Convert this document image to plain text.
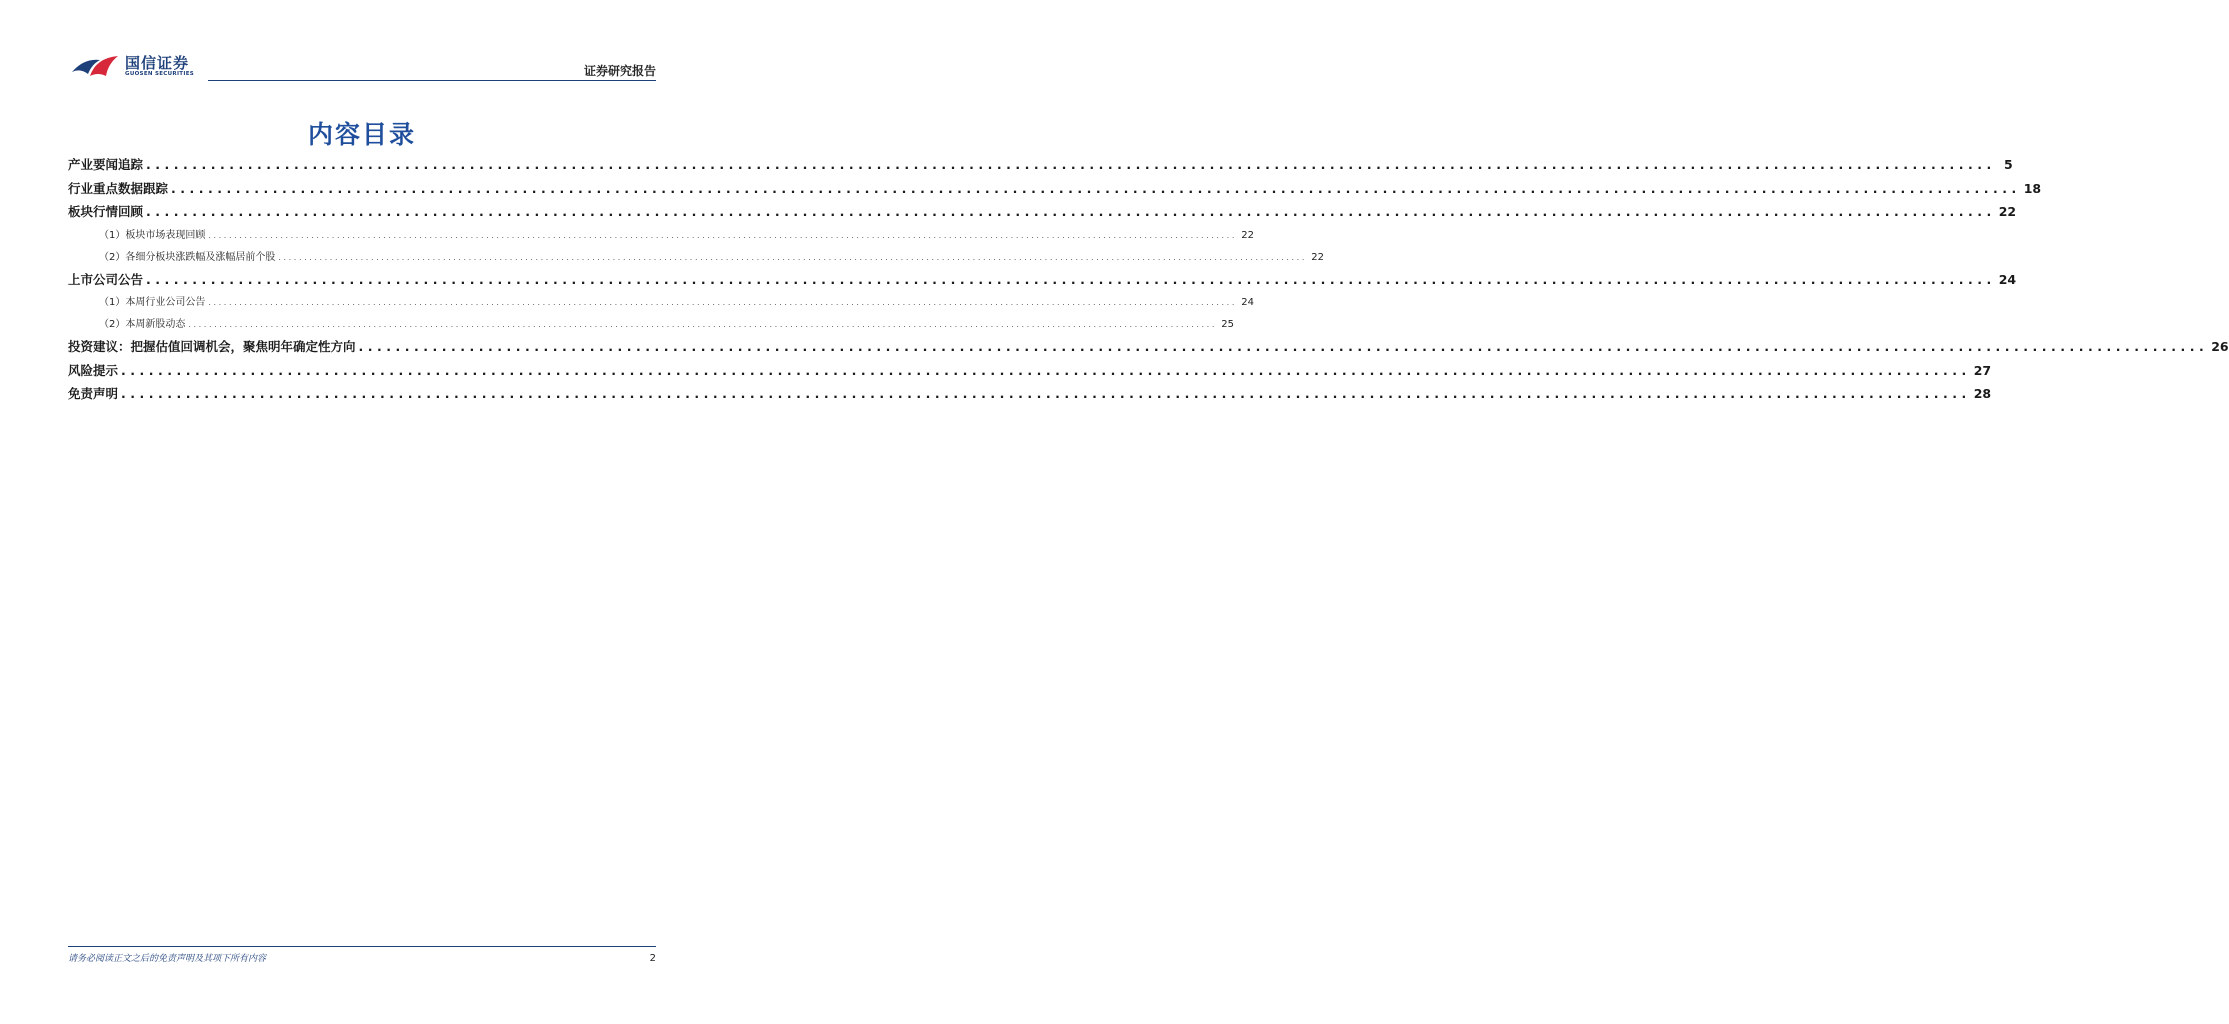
国信证券
GUOSEN SECURITIES	证券研究报告
内容目录
产业要闻追踪 ........................................................................................................................................................................................................ 5
行业重点数据跟踪 ........................................................................................................................................................................................................ 18
板块行情回顾 ........................................................................................................................................................................................................ 22
（1）板块市场表现回顾 ........................................................................................................................................................................................................ 22
（2）各细分板块涨跌幅及涨幅居前个股 ........................................................................................................................................................................................................ 22
上市公司公告 ........................................................................................................................................................................................................ 24
（1）本周行业公司公告 ........................................................................................................................................................................................................ 24
（2）本周新股动态 ........................................................................................................................................................................................................ 25
投资建议：把握估值回调机会，聚焦明年确定性方向 ........................................................................................................................................................................................................ 26
风险提示 ........................................................................................................................................................................................................ 27
免责声明 ........................................................................................................................................................................................................ 28
请务必阅读正文之后的免责声明及其项下所有内容	2
